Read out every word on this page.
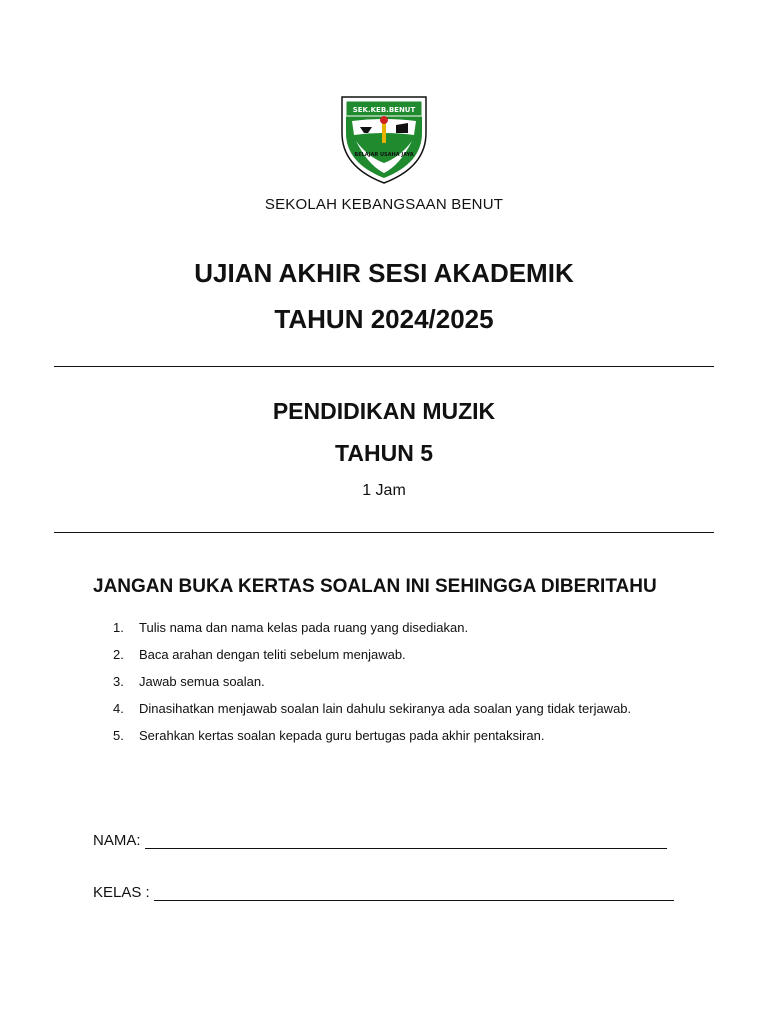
SEK.KEB.BENUT
BELAJAR USAHA JAYA
SEKOLAH KEBANGSAAN BENUT
UJIAN AKHIR SESI AKADEMIK
TAHUN 2024/2025
PENDIDIKAN MUZIK
TAHUN 5
1 Jam
JANGAN BUKA KERTAS SOALAN INI SEHINGGA DIBERITAHU
1.	Tulis nama dan nama kelas pada ruang yang disediakan.
2.	Baca arahan dengan teliti sebelum menjawab.
3.	Jawab semua soalan.
4.	Dinasihatkan menjawab soalan lain dahulu sekiranya ada soalan yang tidak terjawab.
5.	Serahkan kertas soalan kepada guru bertugas pada akhir pentaksiran.
NAMA:
KELAS :
